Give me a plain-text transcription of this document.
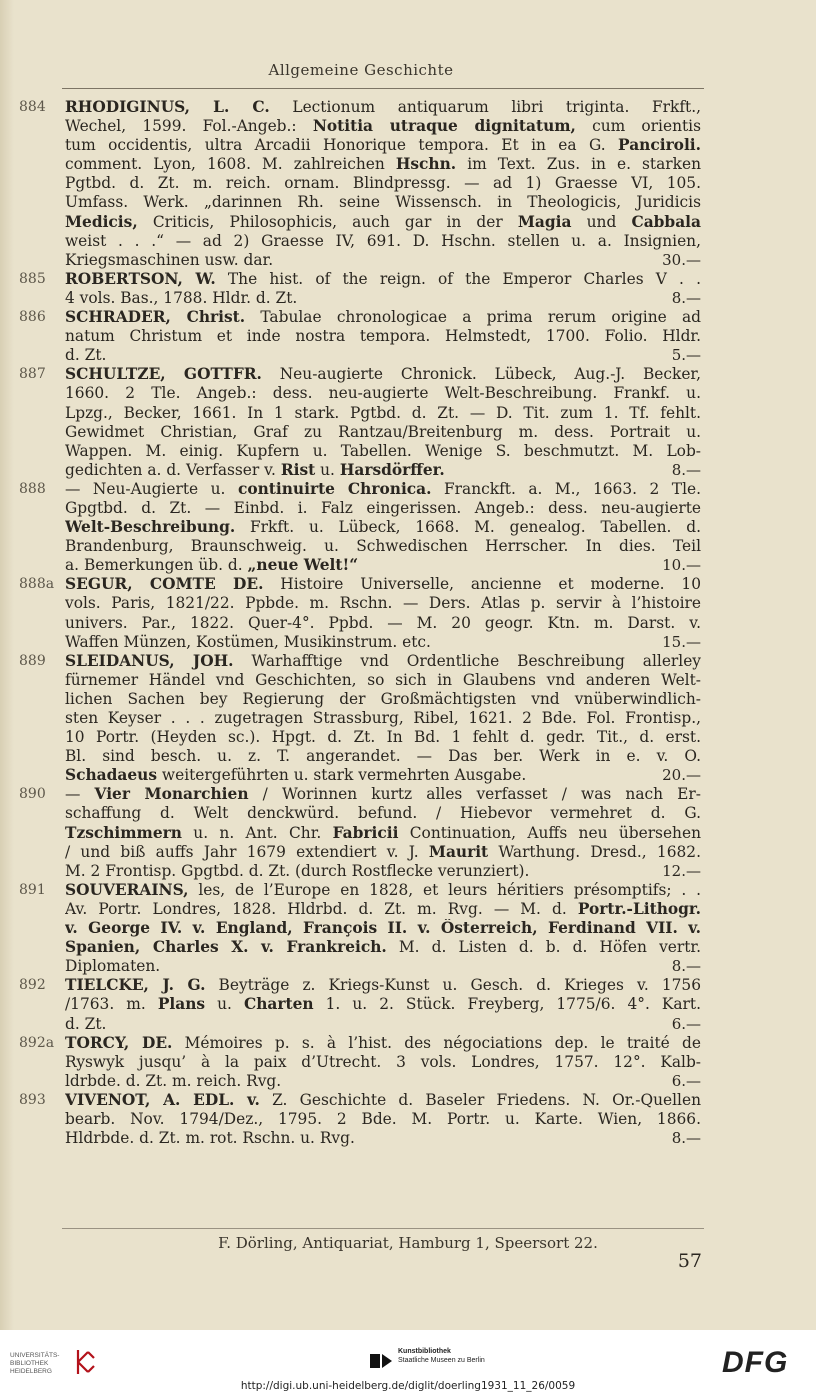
Allgemeine Geschichte
884	RHODIGINUS, L. C. Lectionum antiquarum libri triginta. Frkft.,
Wechel, 1599. Fol.-Angeb.: Notitia utraque dignitatum, cum orientis
tum occidentis, ultra Arcadii Honorique tempora. Et in ea G. Panciroli.
comment. Lyon, 1608. M. zahlreichen Hschn. im Text. Zus. in e. starken
Pgtbd. d. Zt. m. reich. ornam. Blindpressg. — ad 1) Graesse VI, 105.
Umfass. Werk. „darinnen Rh. seine Wissensch. in Theologicis, Juridicis
Medicis, Criticis, Philosophicis, auch gar in der Magia und Cabbala
weist . . .“ — ad 2) Graesse IV, 691. D. Hschn. stellen u. a. Insignien,
Kriegsmaschinen usw. dar.	30.—
885	ROBERTSON, W. The hist. of the reign. of the Emperor Charles V . .
4 vols. Bas., 1788. Hldr. d. Zt.	8.—
886	SCHRADER, Christ. Tabulae chronologicae a prima rerum origine ad
natum Christum et inde nostra tempora. Helmstedt, 1700. Folio. Hldr.
d. Zt.	5.—
887	SCHULTZE, GOTTFR. Neu-augierte Chronick. Lübeck, Aug.-J. Becker,
1660. 2 Tle. Angeb.: dess. neu-augierte Welt-Beschreibung. Frankf. u.
Lpzg., Becker, 1661. In 1 stark. Pgtbd. d. Zt. — D. Tit. zum 1. Tf. fehlt.
Gewidmet Christian, Graf zu Rantzau/Breitenburg m. dess. Portrait u.
Wappen. M. einig. Kupfern u. Tabellen. Wenige S. beschmutzt. M. Lob-
gedichten a. d. Verfasser v. Rist u. Harsdörffer.	8.—
888	— Neu-Augierte u. continuirte Chronica. Franckft. a. M., 1663. 2 Tle.
Gpgtbd. d. Zt. — Einbd. i. Falz eingerissen. Angeb.: dess. neu-augierte
Welt-Beschreibung. Frkft. u. Lübeck, 1668. M. genealog. Tabellen. d.
Brandenburg, Braunschweig. u. Schwedischen Herrscher. In dies. Teil
a. Bemerkungen üb. d. „neue Welt!“	10.—
888a SEGUR, COMTE DE. Histoire Universelle, ancienne et moderne. 10
vols. Paris, 1821/22. Ppbde. m. Rschn. — Ders. Atlas p. servir à l’histoire
univers. Par., 1822. Quer-4°. Ppbd. — M. 20 geogr. Ktn. m. Darst. v.
Waffen Münzen, Kostümen, Musikinstrum. etc.	15.—
889	SLEIDANUS, JOH. Warhafftige vnd Ordentliche Beschreibung allerley
fürnemer Händel vnd Geschichten, so sich in Glaubens vnd anderen Welt-
lichen Sachen bey Regierung der Großmächtigsten vnd vnüberwindlich-
sten Keyser . . . zugetragen Strassburg, Ribel, 1621. 2 Bde. Fol. Frontisp.,
10 Portr. (Heyden sc.). Hpgt. d. Zt. In Bd. 1 fehlt d. gedr. Tit., d. erst.
Bl. sind besch. u. z. T. angerandet. — Das ber. Werk in e. v. O.
Schadaeus weitergeführten u. stark vermehrten Ausgabe.	20.—
890	— Vier Monarchien / Worinnen kurtz alles verfasset / was nach Er-
schaffung d. Welt denckwürd. befund. / Hiebevor vermehret d. G.
Tzschimmern u. n. Ant. Chr. Fabricii Continuation, Auffs neu übersehen
/ und biß auffs Jahr 1679 extendiert v. J. Maurit Warthung. Dresd., 1682.
M. 2 Frontisp. Gpgtbd. d. Zt. (durch Rostflecke verunziert).	12.—
891	SOUVERAINS, les, de l’Europe en 1828, et leurs héritiers présomptifs; . .
Av. Portr. Londres, 1828. Hldrbd. d. Zt. m. Rvg. — M. d. Portr.-Lithogr.
v. George IV. v. England, François II. v. Österreich, Ferdinand VII. v.
Spanien, Charles X. v. Frankreich. M. d. Listen d. b. d. Höfen vertr.
Diplomaten.	8.—
892	TIELCKE, J. G. Beyträge z. Kriegs-Kunst u. Gesch. d. Krieges v. 1756
/1763. m. Plans u. Charten 1. u. 2. Stück. Freyberg, 1775/6. 4°. Kart.
d. Zt.	6.—
892a TORCY, DE. Mémoires p. s. à l’hist. des négociations dep. le traité de
Ryswyk jusqu’ à la paix d’Utrecht. 3 vols. Londres, 1757. 12°. Kalb-
ldrbde. d. Zt. m. reich. Rvg.	6.—
893	VIVENOT, A. EDL. v. Z. Geschichte d. Baseler Friedens. N. Or.-Quellen
bearb. Nov. 1794/Dez., 1795. 2 Bde. M. Portr. u. Karte. Wien, 1866.
Hldrbde. d. Zt. m. rot. Rschn. u. Rvg.	8.—
F. Dörling, Antiquariat, Hamburg 1, Speersort 22.
57
UNIVERSITÄTS-
BIBLIOTHEK
HEIDELBERG
Kunstbibliothek
Staatliche Museen zu Berlin	DFG
http://digi.ub.uni-heidelberg.de/diglit/doerling1931_11_26/0059
